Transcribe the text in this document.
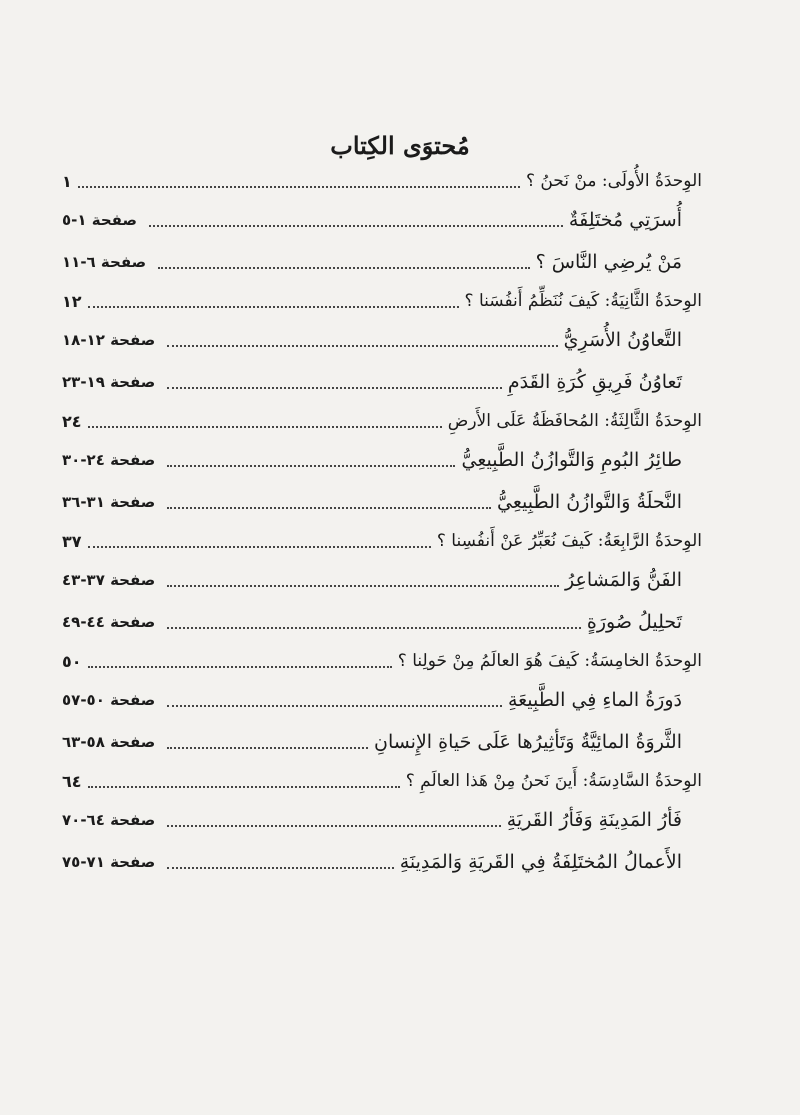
مُحتوَى الكِتاب
الوِحدَةُ الأُولَى: منْ نَحنُ ؟
١
أُسرَتِي مُختَلِفَةٌ
صفحة ١-٥
مَنْ يُرضِي النَّاسَ ؟
صفحة ٦-١١
الوِحدَةُ الثَّانِيَةُ: كَيفَ نُنَظِّمُ أَنفُسَنا ؟
١٢
التَّعاوُنُ الأُسَرِيُّ
صفحة ١٢-١٨
تَعاوُنُ فَرِيقِ كُرَةِ القَدَمِ
صفحة ١٩-٢٣
الوِحدَةُ الثَّالِثَةُ: المُحافَظَةُ عَلَى الأَرضِ
٢٤
طائِرُ البُومِ وَالتَّوازُنُ الطَّبِيعِيُّ
صفحة ٢٤-٣٠
النَّحلَةُ وَالتَّوازُنُ الطَّبِيعِيُّ
صفحة ٣١-٣٦
الوِحدَةُ الرَّابِعَةُ: كَيفَ نُعَبِّرُ عَنْ أَنفُسِنا ؟
٣٧
الفَنُّ وَالمَشاعِرُ
صفحة ٣٧-٤٣
تَحلِيلُ صُورَةٍ
صفحة ٤٤-٤٩
الوِحدَةُ الخامِسَةُ: كَيفَ هُوَ العالَمُ مِنْ حَولِنا ؟
٥٠
دَورَةُ الماءِ فِي الطَّبِيعَةِ
صفحة ٥٠-٥٧
الثَّروَةُ المائِيَّةُ وَتَأثِيرُها عَلَى حَياةِ الإِنسانِ
صفحة ٥٨-٦٣
الوِحدَةُ السَّادِسَةُ: أَينَ نَحنُ مِنْ هَذا العالَمِ ؟
٦٤
فَأرُ المَدِينَةِ وَفَأرُ القَريَةِ
صفحة ٦٤-٧٠
الأَعمالُ المُختَلِفَةُ فِي القَريَةِ وَالمَدِينَةِ
صفحة ٧١-٧٥
